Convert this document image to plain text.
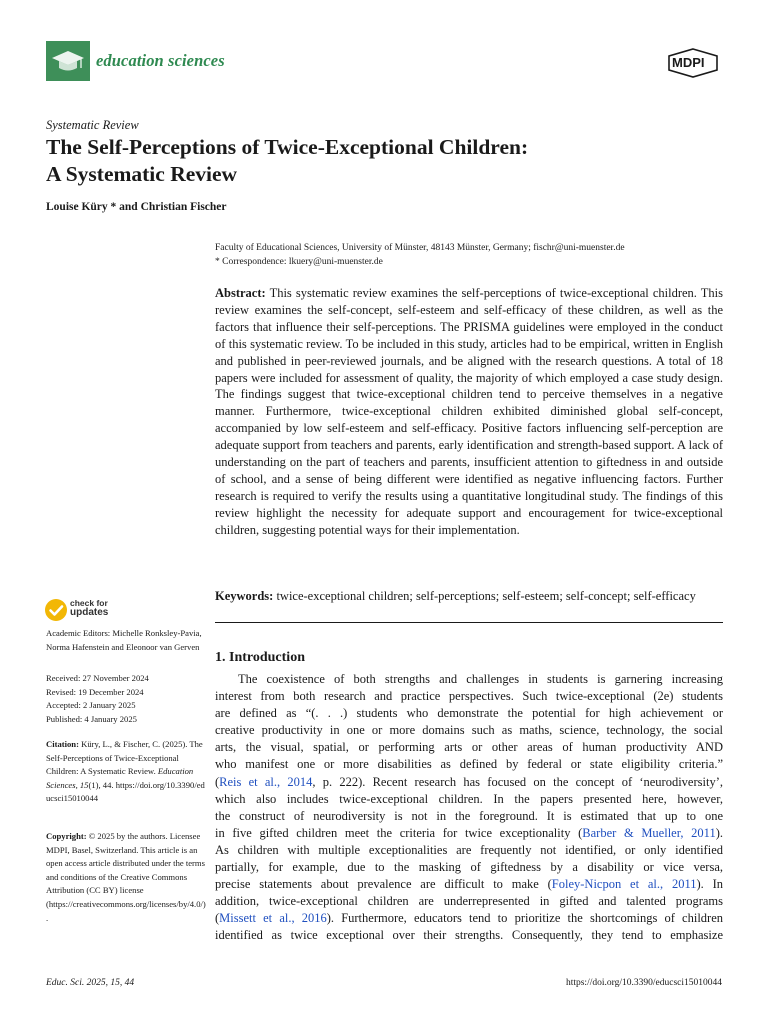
education sciences	MDPI
Systematic Review
The Self-Perceptions of Twice-Exceptional Children:
A Systematic Review
Louise Küry * and Christian Fischer
Faculty of Educational Sciences, University of Münster, 48143 Münster, Germany; fischr@uni-muenster.de
* Correspondence: lkuery@uni-muenster.de
Abstract: This systematic review examines the self-perceptions of twice-exceptional children. This review examines the self-concept, self-esteem and self-efficacy of these children, as well as the factors that influence their self-perceptions. The PRISMA guidelines were employed in the conduct of this systematic review. To be included in this study, articles had to be empirical, written in English and published in peer-reviewed journals, and be aligned with the research questions. A total of 18 papers were included for assessment of quality, the majority of which employed a case study design. The findings suggest that twice-exceptional children tend to perceive themselves in a negative manner. Furthermore, twice-exceptional children exhibited diminished global self-concept, accompanied by low self-esteem and self-efficacy. Positive factors influencing self-perception are adequate support from teachers and parents, early identification and strength-based support. A lack of understanding on the part of teachers and parents, insufficient attention to giftedness in and outside of school, and a sense of being different were identified as negative influencing factors. Further research is required to verify the results using a quantitative longitudinal study. The findings of this review highlight the necessity for adequate support and encouragement for twice-exceptional children, suggesting potential ways for their implementation.
Keywords: twice-exceptional children; self-perceptions; self-esteem; self-concept; self-efficacy
1. Introduction
The coexistence of both strengths and challenges in students is garnering increasing
interest from both research and practice perspectives. Such twice-exceptional (2e) students
are defined as “(. . .) students who demonstrate the potential for high achievement or
creative productivity in one or more domains such as maths, science, technology, the social
arts, the visual, spatial, or performing arts or other areas of human productivity AND
who manifest one or more disabilities as defined by federal or state eligibility criteria.”
(Reis et al., 2014, p. 222). Recent research has focused on the concept of ‘neurodiversity’,
which also includes twice-exceptional children. In the papers presented here, however,
the construct of neurodiversity is not in the foreground. It is estimated that up to one
in five gifted children meet the criteria for twice exceptionality (Barber & Mueller, 2011).
As children with multiple exceptionalities are frequently not identified, or only identified
partially, for example, due to the masking of giftedness by a disability or vice versa,
precise statements about prevalence are difficult to make (Foley-Nicpon et al., 2011). In
addition, twice-exceptional children are underrepresented in gifted and talented programs
(Missett et al., 2016). Furthermore, educators tend to prioritize the shortcomings of children
identified as twice exceptional over their strengths. Consequently, they tend to emphasize
check for
updates
Academic Editors: Michelle Ronksley-Pavia, Norma Hafenstein and Eleonoor van Gerven
Received: 27 November 2024
Revised: 19 December 2024
Accepted: 2 January 2025
Published: 4 January 2025
Citation: Küry, L., & Fischer, C. (2025). The Self-Perceptions of Twice-Exceptional Children: A Systematic Review. Education Sciences, 15(1), 44. https://doi.org/10.3390/educsci15010044
Copyright: © 2025 by the authors. Licensee MDPI, Basel, Switzerland. This article is an open access article distributed under the terms and conditions of the Creative Commons Attribution (CC BY) license (https://creativecommons.org/licenses/by/4.0/).
Educ. Sci. 2025, 15, 44	https://doi.org/10.3390/educsci15010044
